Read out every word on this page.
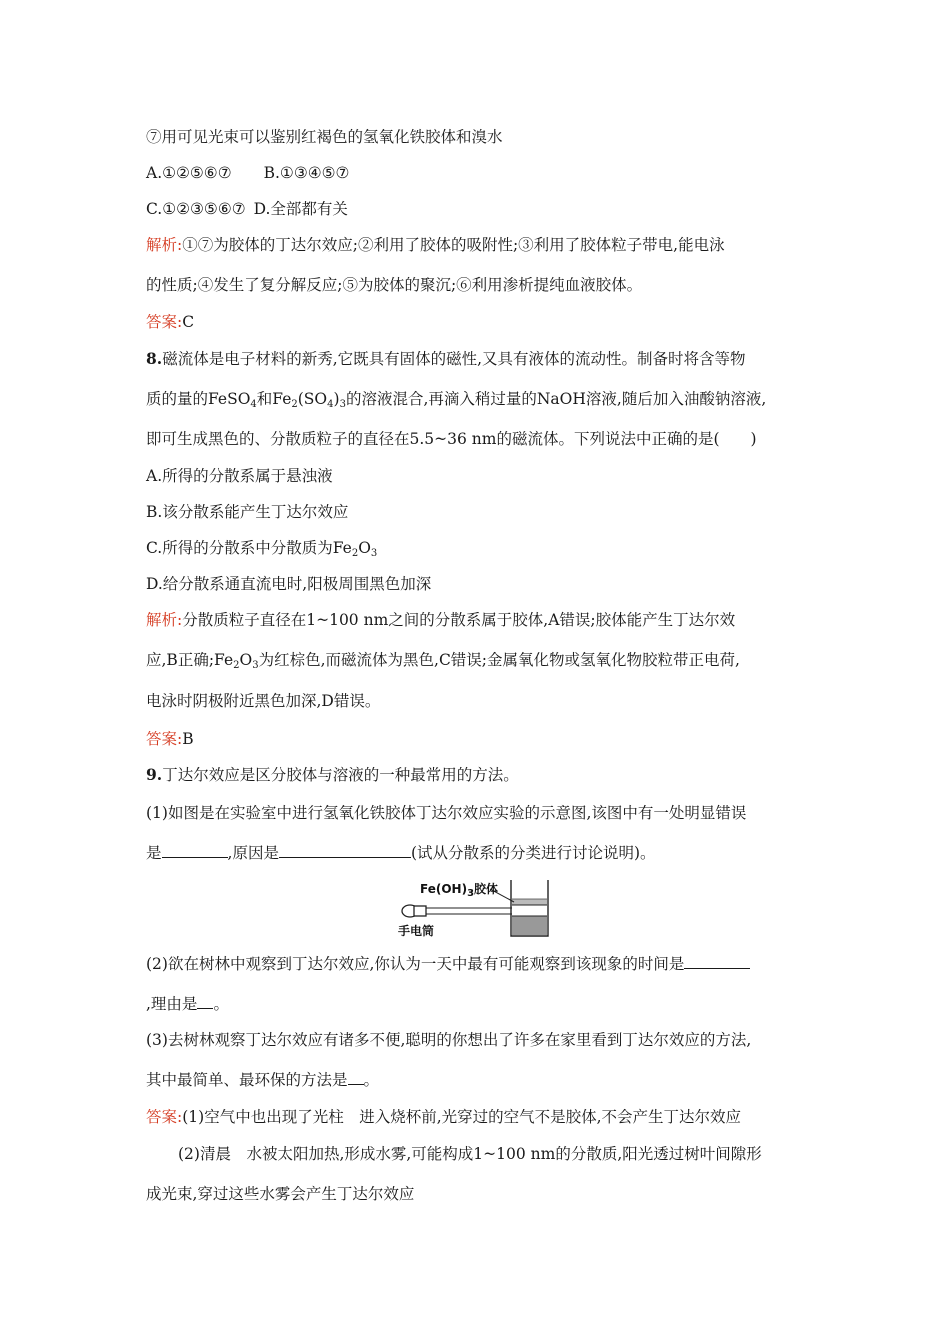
⑦用可见光束可以鉴别红褐色的氢氧化铁胶体和溴水
A.①②⑤⑥⑦ B.①③④⑤⑦
C.①②③⑤⑥⑦ D.全部都有关
解析:①⑦为胶体的丁达尔效应;②利用了胶体的吸附性;③利用了胶体粒子带电,能电泳
的性质;④发生了复分解反应;⑤为胶体的聚沉;⑥利用渗析提纯血液胶体。
答案:C
8.磁流体是电子材料的新秀,它既具有固体的磁性,又具有液体的流动性。制备时将含等物
质的量的FeSO$_4$和$Fe_2(SO_4)_3$的溶液混合,再滴入稍过量的NaOH溶液,随后加入油酸钠溶液,
即可生成黑色的、分散质粒子的直径在5.5~36 nm的磁流体。下列说法中正确的是(　　)
A.所得的分散系属于悬浊液
B.该分散系能产生丁达尔效应
C.所得的分散系中分散质为$Fe_2O_3$
D.给分散系通直流电时,阳极周围黑色加深
解析:分散质粒子直径在1~100 nm之间的分散系属于胶体,A错误;胶体能产生丁达尔效
应,B正确$;Fe_2O_3$为红棕色,而磁流体为黑色,C错误;金属氧化物或氢氧化物胶粒带正电荷,
电泳时阴极附近黑色加深,D错误。
答案:B
9.丁达尔效应是区分胶体与溶液的一种最常用的方法。
(1)如图是在实验室中进行氢氧化铁胶体丁达尔效应实验的示意图,该图中有一处明显错误
是	,原因是	(试从分散系的分类进行讨论说明)。
$Fe(OH)_3$胶体
手电筒
(2)欲在树林中观察到丁达尔效应,你认为一天中最有可能观察到该现象的时间是
,理由是 。
(3)去树林观察丁达尔效应有诸多不便,聪明的你想出了许多在家里看到丁达尔效应的方法,
其中最简单、最环保的方法是 。
答案:(1)空气中也出现了光柱　进入烧杯前,光穿过的空气不是胶体,不会产生丁达尔效应
(2)清晨　水被太阳加热,形成水雾,可能构成1~100 nm的分散质,阳光透过树叶间隙形
成光束,穿过这些水雾会产生丁达尔效应
